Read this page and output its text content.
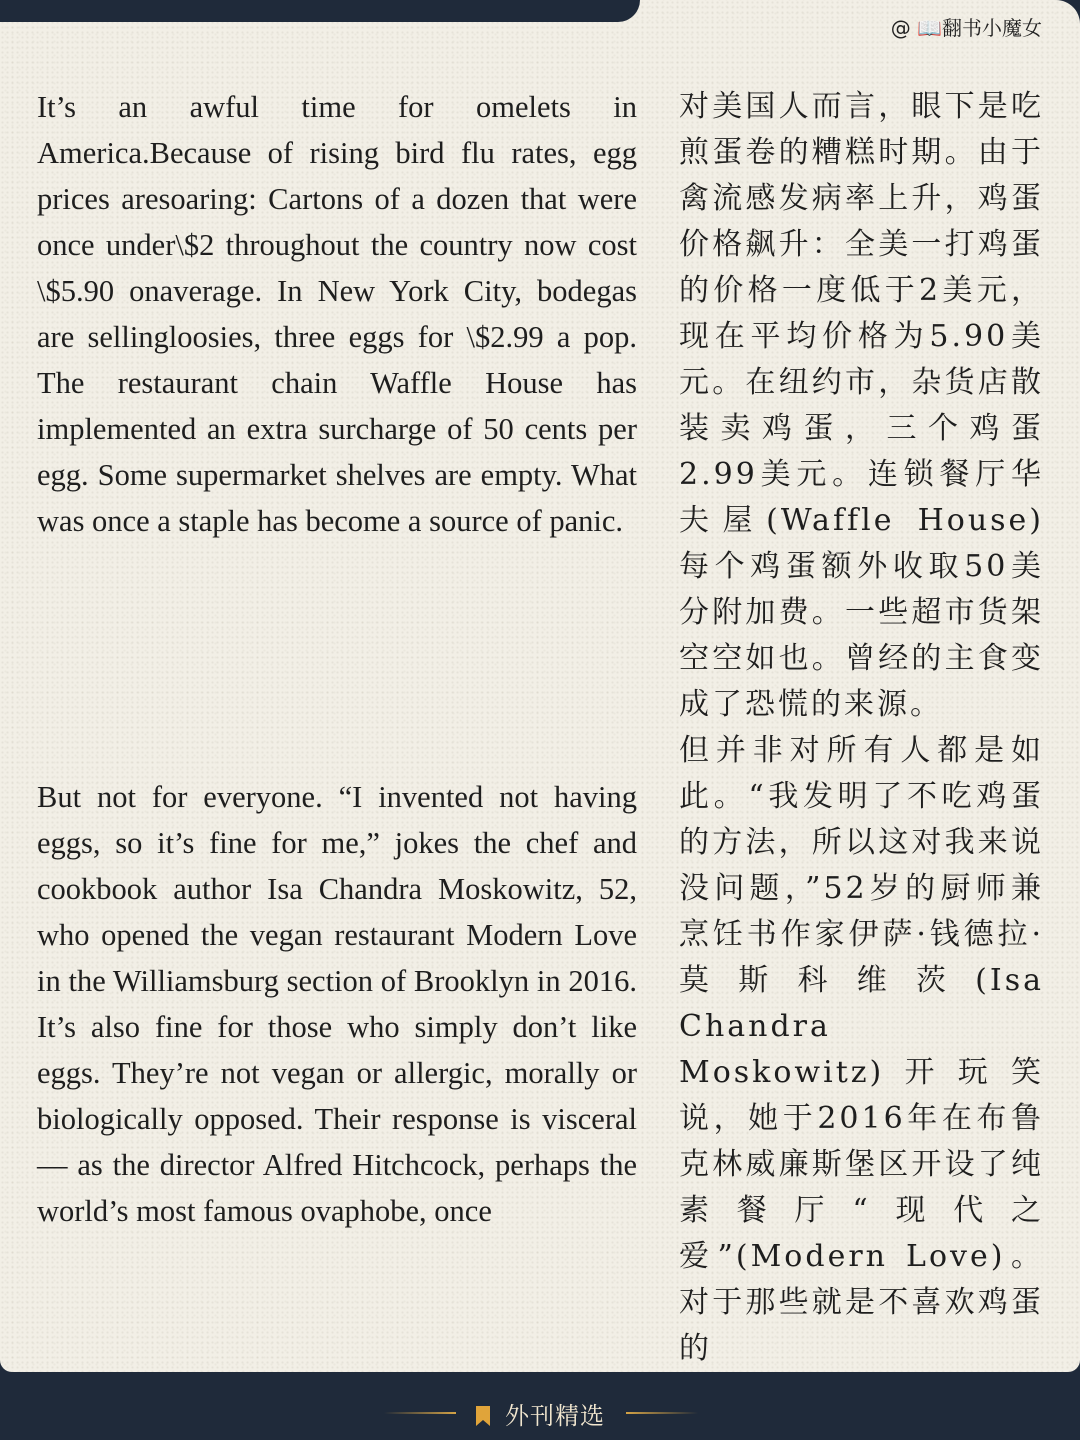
@ 📖翻书小魔女

It’s an awful time for omelets in America.Because of rising bird flu rates, egg prices aresoaring: Cartons of a dozen that were once under\$2 throughout the country now cost \$5.90 onaverage. In New York City, bodegas are sellingloosies, three eggs for \$2.99 a pop. The restaurant chain Waffle House has implemented an extra surcharge of 50 cents per egg. Some supermarket shelves are empty. What was once a staple has become a source of panic.

But not for everyone. “I invented not having eggs, so it’s fine for me,” jokes the chef and cookbook author Isa Chandra Moskowitz, 52, who opened the vegan restaurant Modern Love in the Williamsburg section of Brooklyn in 2016. It’s also fine for those who simply don’t like eggs. They’re not vegan or allergic, morally or biologically opposed. Their response is visceral — as the director Alfred Hitchcock, perhaps the world’s most famous ovaphobe, once

对美国人而言，眼下是吃煎蛋卷的糟糕时期。由于禽流感发病率上升，鸡蛋价格飙升：全美一打鸡蛋的价格一度低于2美元，现在平均价格为5.90美元。在纽约市，杂货店散装卖鸡蛋，三个鸡蛋2.99美元。连锁餐厅华夫屋(Waffle House)每个鸡蛋额外收取50美分附加费。一些超市货架空空如也。曾经的主食变成了恐慌的来源。

但并非对所有人都是如此。“我发明了不吃鸡蛋的方法，所以这对我来说没问题，”52岁的厨师兼烹饪书作家伊萨·钱德拉·莫斯科维茨(Isa Chandra Moskowitz)开玩笑说，她于2016年在布鲁克林威廉斯堡区开设了纯素餐厅“现代之爱”(Modern Love)。对于那些就是不喜欢鸡蛋的

外刊精选
